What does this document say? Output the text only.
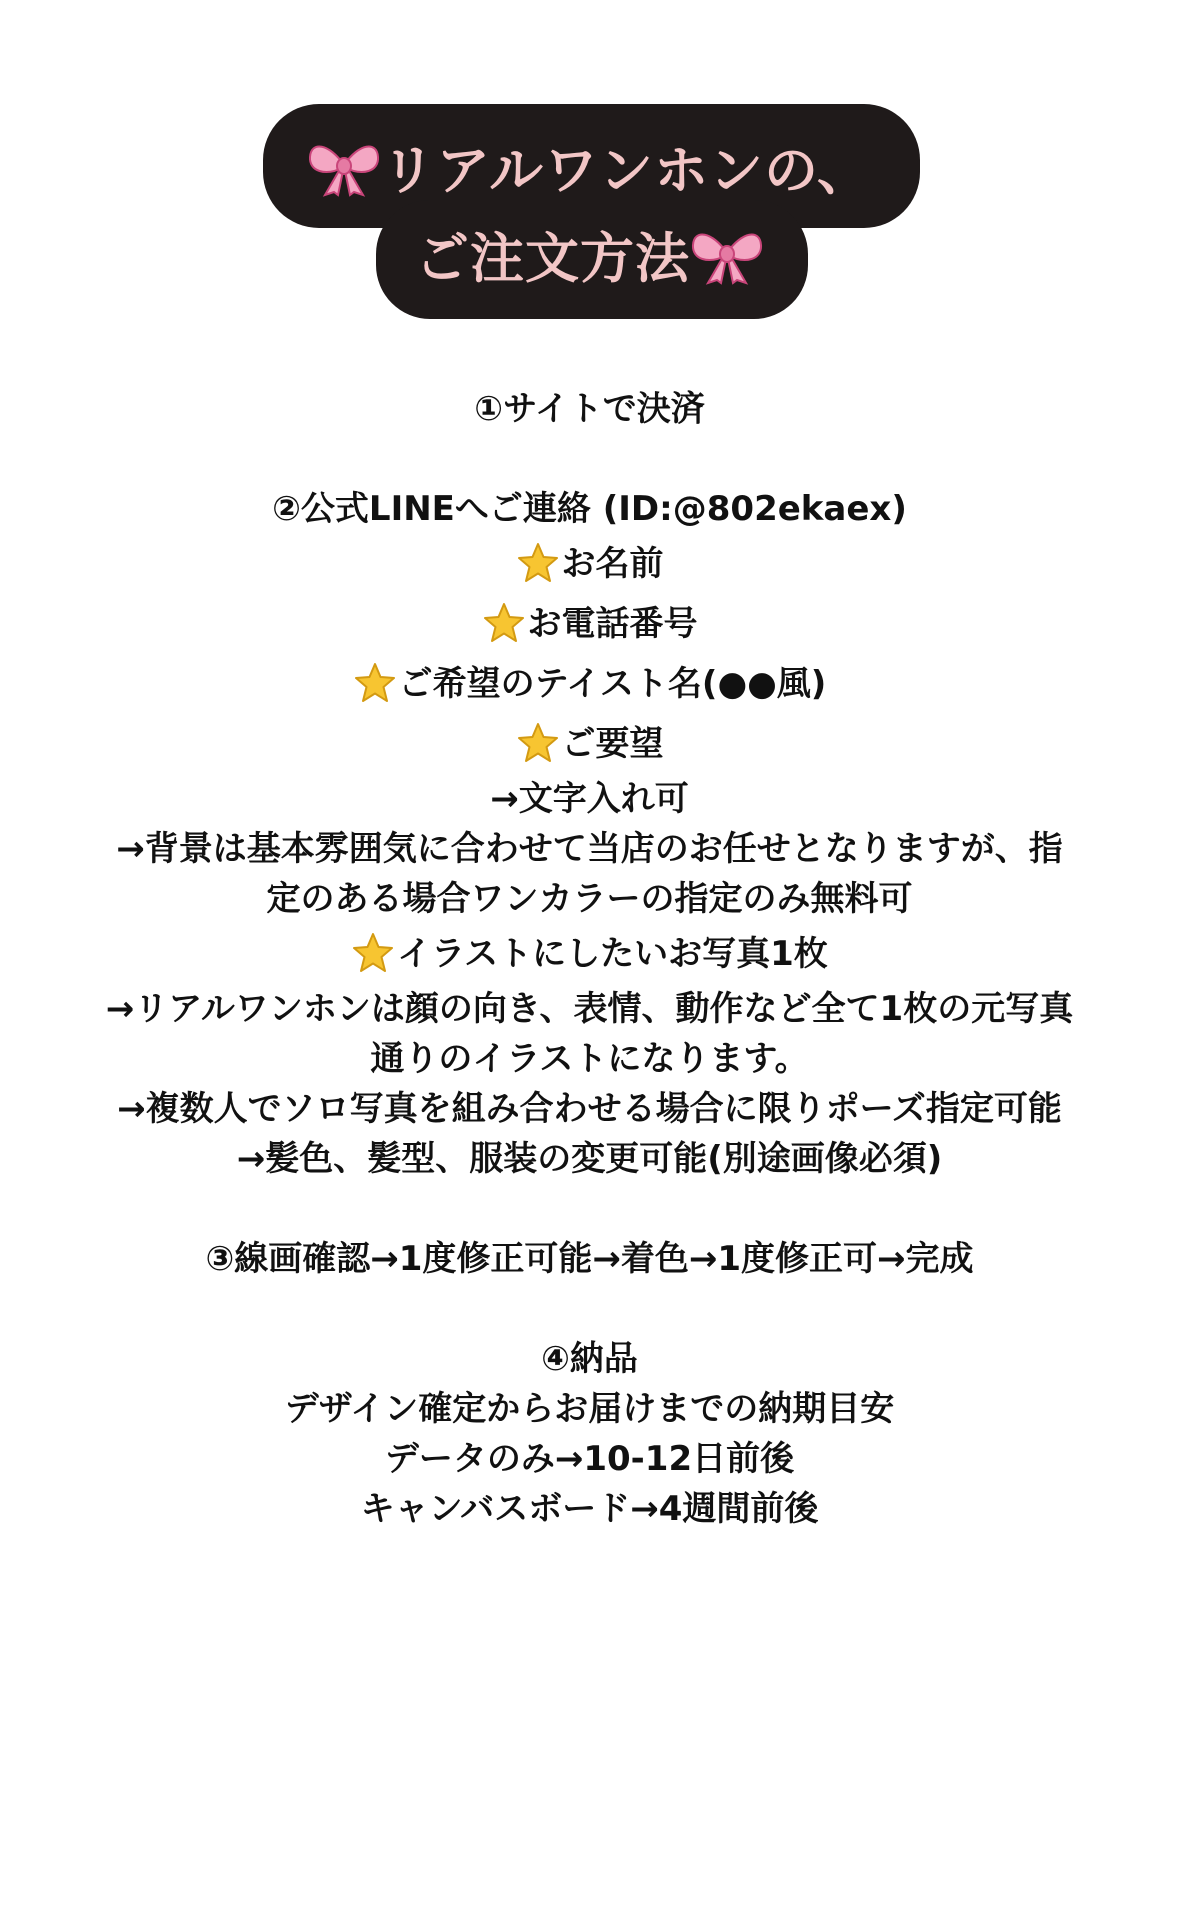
リアルワンホンの、
ご注文方法
①サイトで決済
②公式LINEへご連絡 (ID:@802ekaex)
お名前
お電話番号
ご希望のテイスト名(●●風)
ご要望
→文字入れ可
→背景は基本雰囲気に合わせて当店のお任せとなりますが、指
定のある場合ワンカラーの指定のみ無料可
イラストにしたいお写真1枚
→リアルワンホンは顔の向き、表情、動作など全て1枚の元写真
通りのイラストになります。
→複数人でソロ写真を組み合わせる場合に限りポーズ指定可能
→髪色、髪型、服装の変更可能(別途画像必須)
③線画確認→1度修正可能→着色→1度修正可→完成
④納品
デザイン確定からお届けまでの納期目安
データのみ→10-12日前後
キャンバスボード→4週間前後
